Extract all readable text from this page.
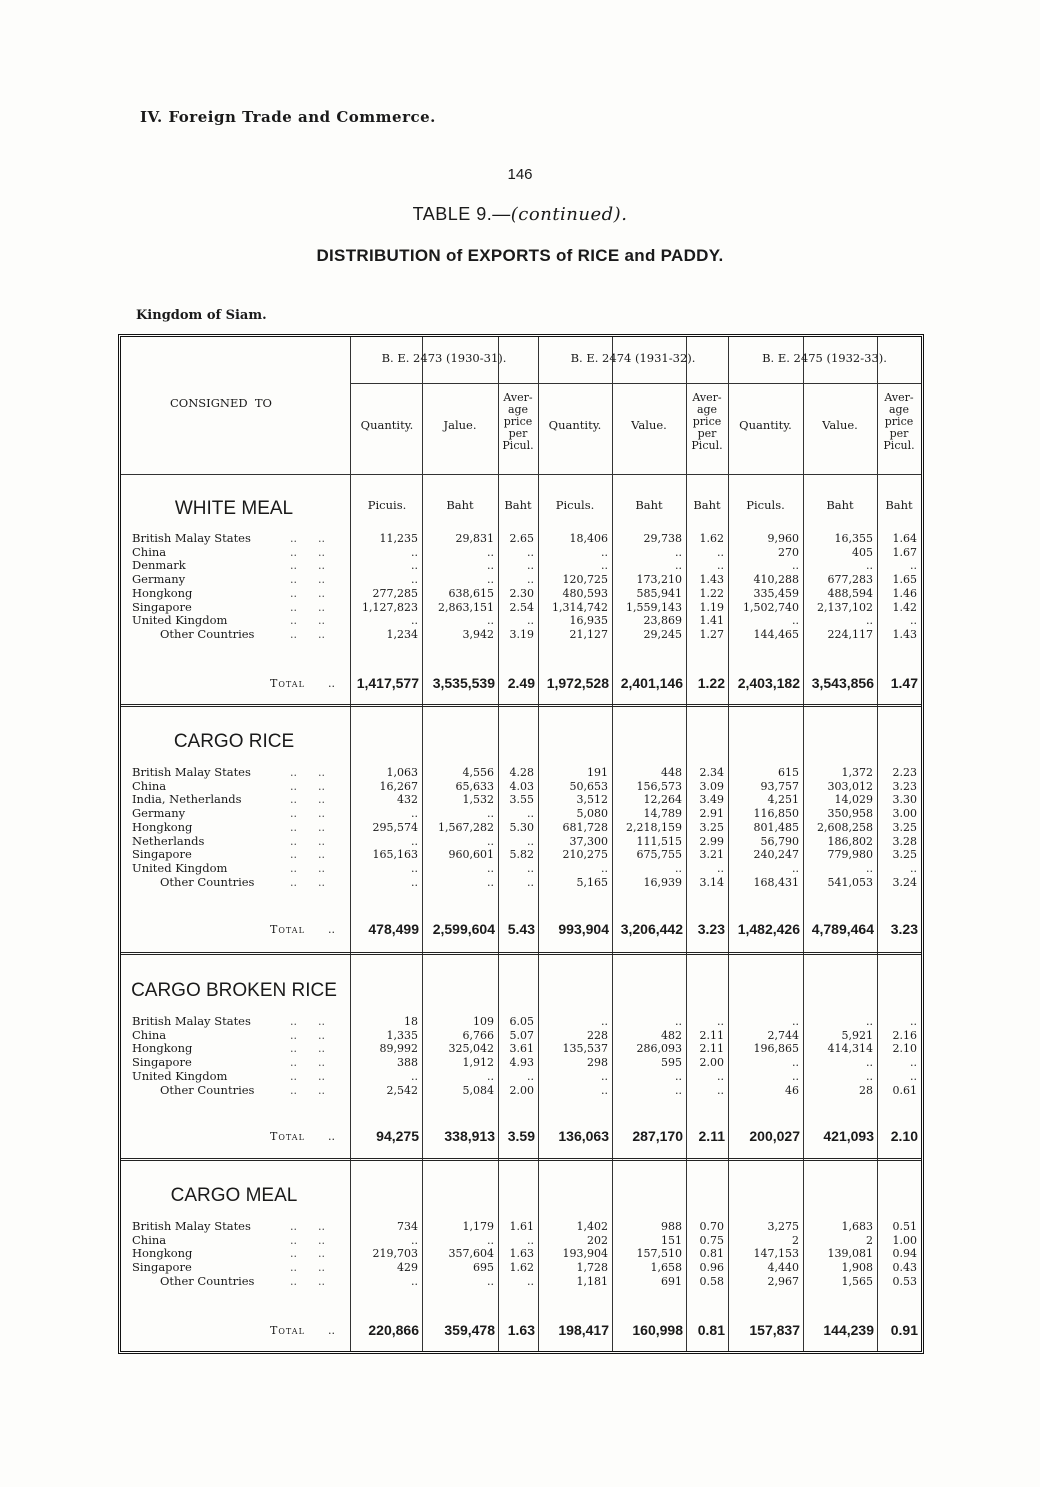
IV. Foreign Trade and Commerce.
146
TABLE 9.—(continued).
DISTRIBUTION of EXPORTS of RICE and PADDY.
Kingdom of Siam.
B. E. 2473 (1930-31).	B. E. 2474 (1931-32).	B. E. 2475 (1932-33).
CONSIGNED  TO
Quantity.	Jalue.
Aver-
age
price
per
Picul.
Quantity.	Value.
Aver-
age
price
per
Picul.
Quantity.	Value.
Aver-
age
price
per
Picul.
WHITE MEAL	Picuis.	Baht	Baht	Piculs.	Baht	Baht	Piculs.	Baht	Baht
British Malay States	..      ..	11,235	29,831	2.65	18,406	29,738	1.62	9,960	16,355	1.64
China	..      ..	..	..	..	..	..	..	270	405	1.67
Denmark	..      ..	..	..	..	..	..	..	..	..	..
Germany	..      ..	..	..	..	120,725	173,210	1.43	410,288	677,283	1.65
Hongkong	..      ..	277,285	638,615	2.30	480,593	585,941	1.22	335,459	488,594	1.46
Singapore	..      ..	1,127,823	2,863,151	2.54	1,314,742	1,559,143	1.19	1,502,740	2,137,102	1.42
United Kingdom	..      ..	..	..	..	16,935	23,869	1.41	..	..	..
Other Countries	..      ..	1,234	3,942	3.19	21,127	29,245	1.27	144,465	224,117	1.43
Total ..	1,417,577 3,535,539 2.49 1,972,528 2,401,146	1.22 2,403,182 3,543,856	1.47
CARGO RICE
British Malay States	..      ..	1,063	4,556	4.28	191	448	2.34	615	1,372	2.23
China	..      ..	16,267	65,633	4.03	50,653	156,573	3.09	93,757	303,012	3.23
India, Netherlands	..      ..	432	1,532	3.55	3,512	12,264	3.49	4,251	14,029	3.30
Germany	..      ..	..	..	..	5,080	14,789	2.91	116,850	350,958	3.00
Hongkong	..      ..	295,574	1,567,282	5.30	681,728	2,218,159	3.25	801,485	2,608,258	3.25
Netherlands	..      ..	..	..	..	37,300	111,515	2.99	56,790	186,802	3.28
Singapore	..      ..	165,163	960,601	5.82	210,275	675,755	3.21	240,247	779,980	3.25
United Kingdom	..      ..	..	..	..	..	..	..	..	..	..
Other Countries	..      ..	..	..	..	5,165	16,939	3.14	168,431	541,053	3.24
Total ..	478,499 2,599,604 5.43	993,904 3,206,442	3.23 1,482,426 4,789,464	3.23
CARGO BROKEN RICE
British Malay States	..      ..	18	109	6.05	..	..	..	..	..	..
China	..      ..	1,335	6,766	5.07	228	482	2.11	2,744	5,921	2.16
Hongkong	..      ..	89,992	325,042	3.61	135,537	286,093	2.11	196,865	414,314	2.10
Singapore	..      ..	388	1,912	4.93	298	595	2.00	..	..	..
United Kingdom	..      ..	..	..	..	..	..	..	..	..	..
Other Countries	..      ..	2,542	5,084	2.00	..	..	..	46	28	0.61
Total ..	94,275	338,913 3.59	136,063	287,170	2.11	200,027	421,093	2.10
CARGO MEAL
British Malay States	..      ..	734	1,179	1.61	1,402	988	0.70	3,275	1,683	0.51
China	..      ..	..	..	..	202	151	0.75	2	2	1.00
Hongkong	..      ..	219,703	357,604	1.63	193,904	157,510	0.81	147,153	139,081	0.94
Singapore	..      ..	429	695	1.62	1,728	1,658	0.96	4,440	1,908	0.43
Other Countries	..      ..	..	..	..	1,181	691	0.58	2,967	1,565	0.53
Total ..	220,866	359,478 1.63	198,417	160,998	0.81	157,837	144,239	0.91
